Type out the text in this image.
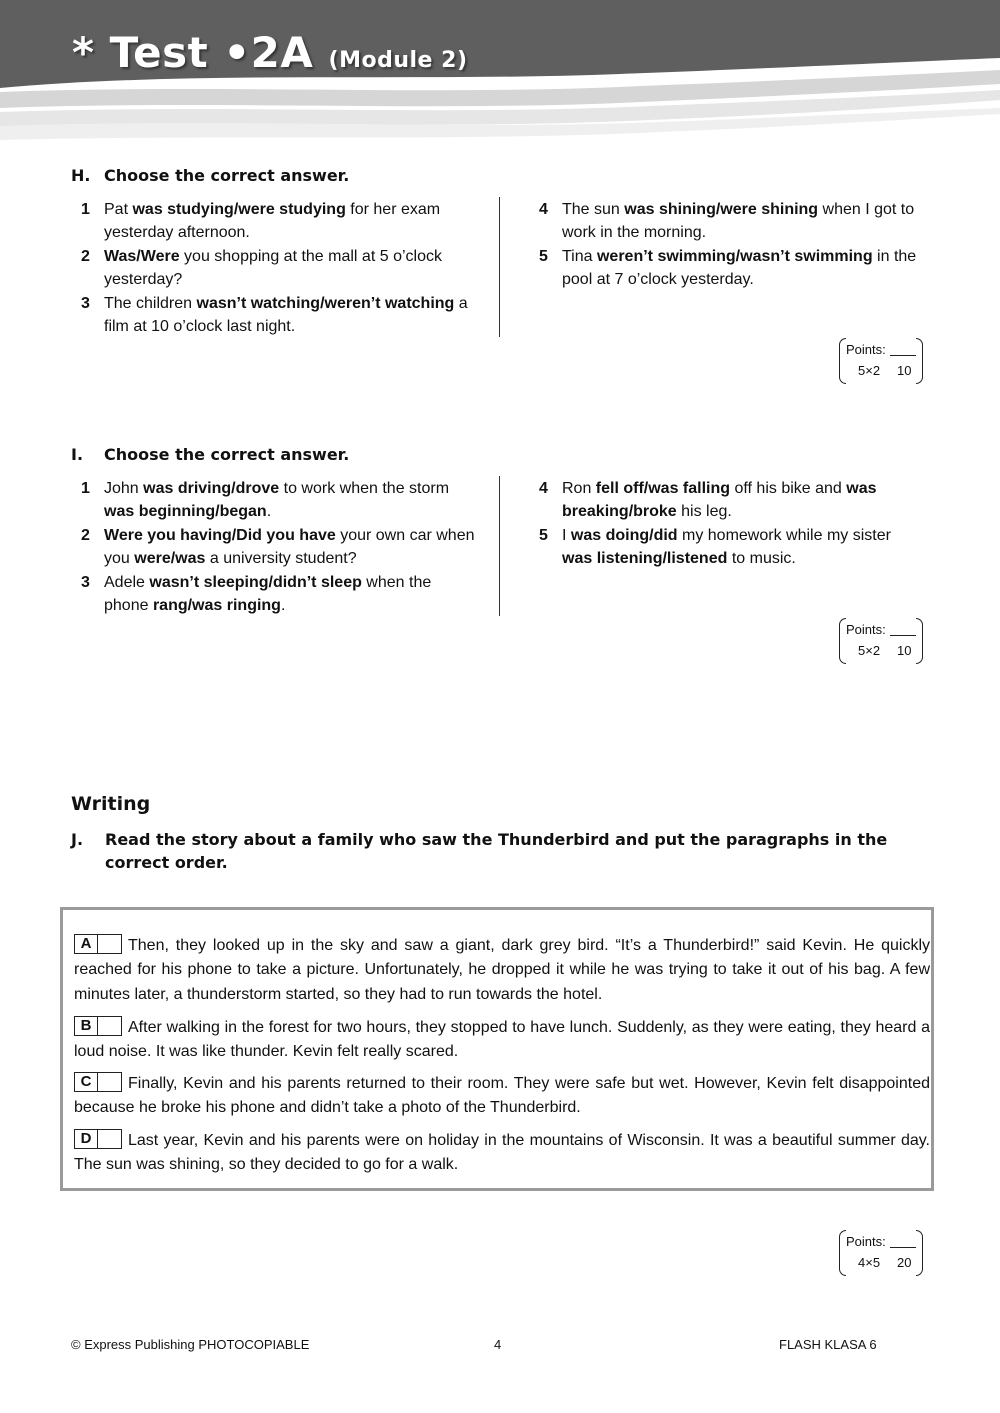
* Test •2A (Module 2)
H. Choose the correct answer.
1 Pat was studying/were studying for her exam yesterday afternoon.
2 Was/Were you shopping at the mall at 5 o’clock yesterday?
3 The children wasn’t watching/weren’t watching a film at 10 o’clock last night.
4 The sun was shining/were shining when I got to work in the morning.
5 Tina weren’t swimming/wasn’t swimming in the pool at 7 o’clock yesterday.
Points:
5×2 10
I. Choose the correct answer.
1 John was driving/drove to work when the storm was beginning/began.
2 Were you having/Did you have your own car when you were/was a university student?
3 Adele wasn’t sleeping/didn’t sleep when the phone rang/was ringing.
4 Ron fell off/was falling off his bike and was breaking/broke his leg.
5 I was doing/did my homework while my sister was listening/listened to music.
Points:
5×2 10
Writing
J.	Read the story about a family who saw the Thunderbird and put the paragraphs in the correct order.
A	Then, they looked up in the sky and saw a giant, dark grey bird. “It’s a Thunderbird!” said Kevin. He quickly reached for his phone to take a picture. Unfortunately, he dropped it while he was trying to take it out of his bag. A few minutes later, a thunderstorm started, so they had to run towards the hotel.
B	After walking in the forest for two hours, they stopped to have lunch. Suddenly, as they were eating, they heard a loud noise. It was like thunder. Kevin felt really scared.
C	Finally, Kevin and his parents returned to their room. They were safe but wet. However, Kevin felt disappointed because he broke his phone and didn’t take a photo of the Thunderbird.
D	Last year, Kevin and his parents were on holiday in the mountains of Wisconsin. It was a beautiful summer day. The sun was shining, so they decided to go for a walk.
Points:
4×5 20
© Express Publishing PHOTOCOPIABLE	4	FLASH KLASA 6
